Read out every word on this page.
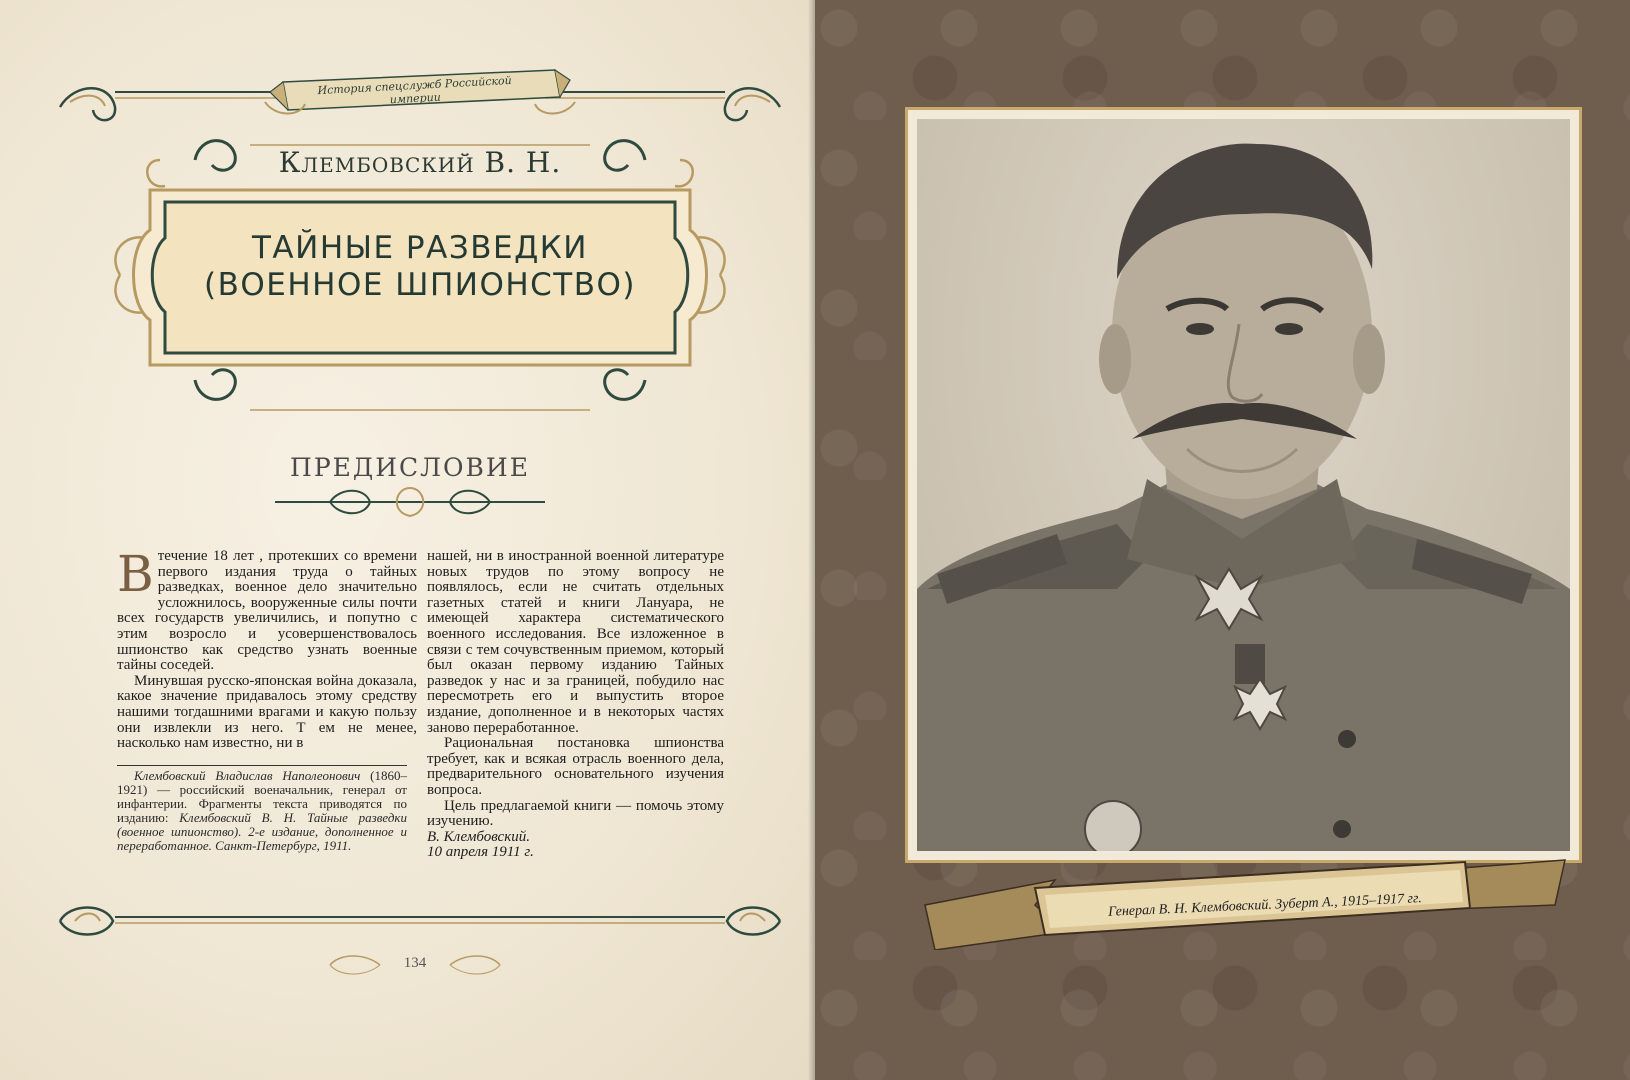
История спецслужб Российской империи
Клембовский В. Н.
ТАЙНЫЕ РАЗВЕДКИ
(ВОЕННОЕ ШПИОНСТВО)
ПРЕДИСЛОВИЕ
В течение 18 лет , протекших со времени первого издания труда о тайных разведках, военное дело значительно усложнилось, вооруженные силы почти всех государств увеличились, и попутно с этим возросло и усовершенствовалось шпионство как средство узнать военные тайны соседей.

Минувшая русско-японская война доказала, какое значение придавалось этому средству нашими тогдашними врагами и какую пользу они извлекли из него. Т ем не менее, насколько нам известно, ни в

нашей, ни в иностранной военной литературе новых трудов по этому вопросу не появлялось, если не считать отдельных газетных статей и книги Лануара, не имеющей характера систематического военного исследования. Все изложенное в связи с тем сочувственным приемом, который был оказан первому изданию Тайных разведок у нас и за границей, побудило нас пересмотреть его и выпустить второе издание, дополненное и в некоторых частях заново переработанное.

Рациональная постановка шпионства требует, как и всякая отрасль военного дела, предварительного основательного изучения вопроса.

Цель предлагаемой книги — помочь этому изучению.

В. Клембовский.

10 апреля 1911 г.

Клембовский Владислав Наполеонович (1860–1921) — российский военачальник, генерал от инфантерии. Фрагменты текста приводятся по изданию: Клембовский В. Н. Тайные разведки (военное шпионство). 2-е издание, дополненное и переработанное. Санкт-Петербург, 1911.
134
Генерал В. Н. Клембовский. Зуберт А., 1915–1917 гг.
